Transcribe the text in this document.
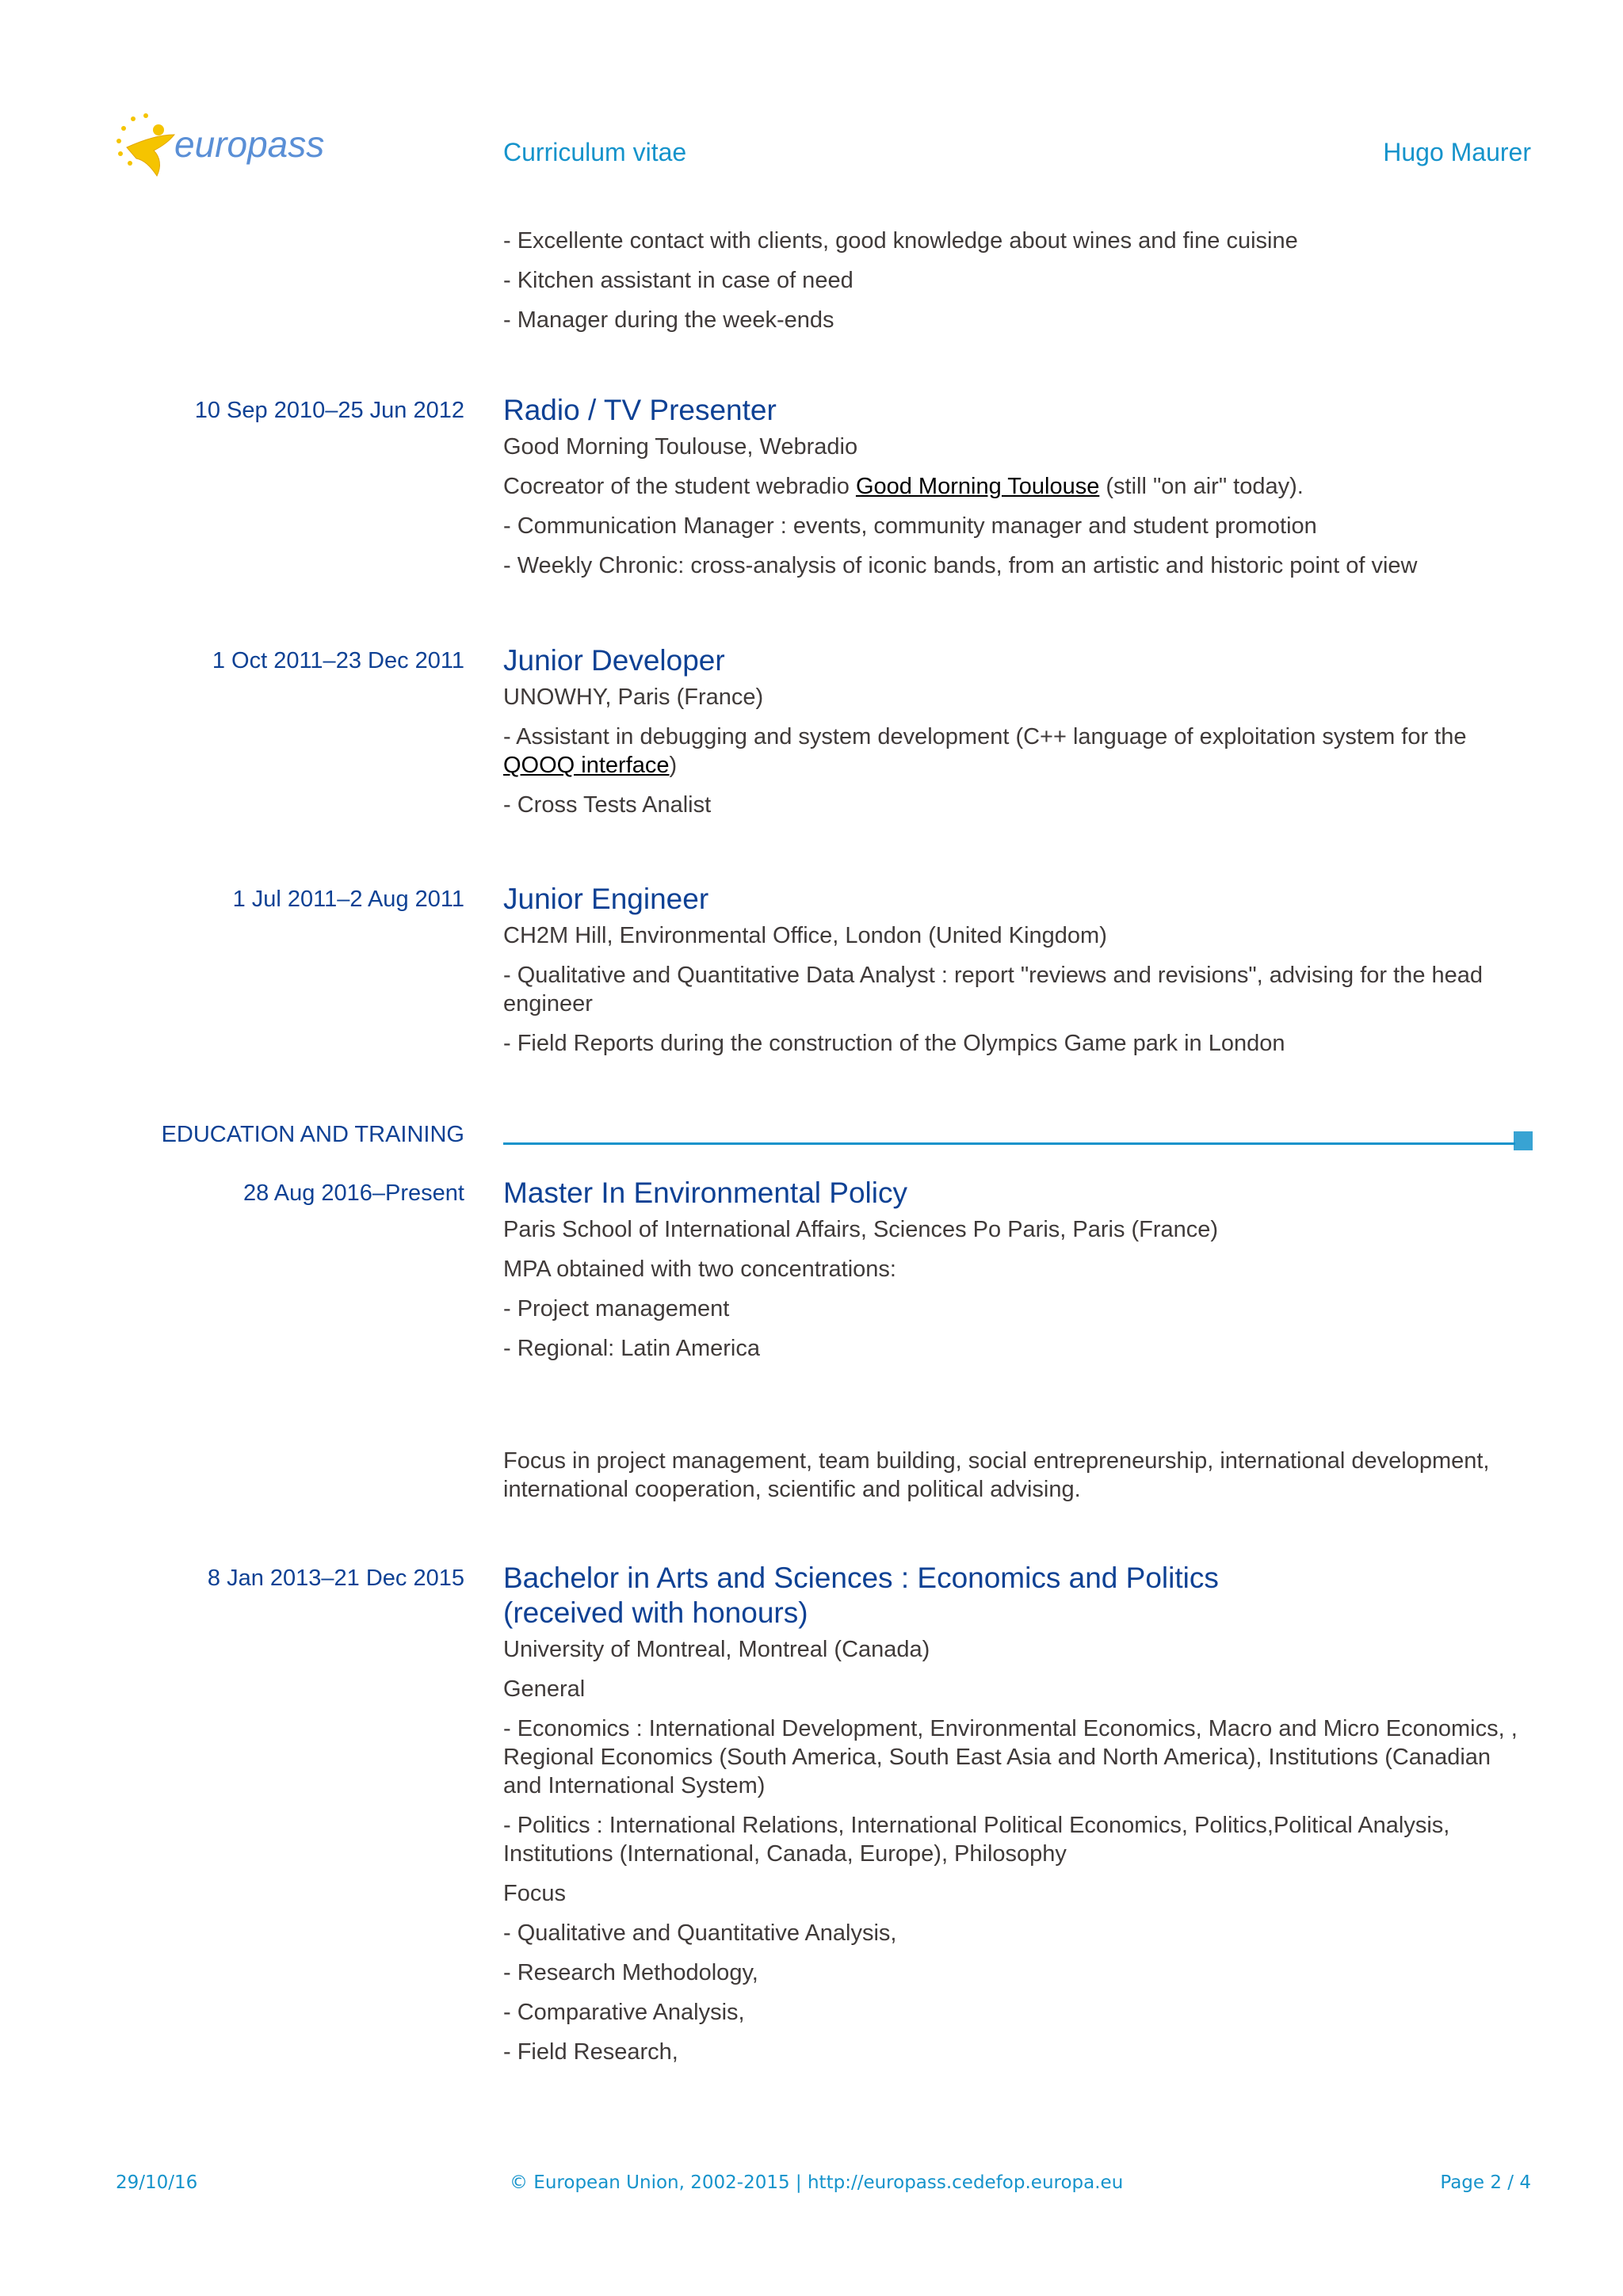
europass	Curriculum vitae	Hugo Maurer

- Excellente contact with clients, good knowledge about wines and fine cuisine

- Kitchen assistant in case of need

- Manager during the week-ends

10 Sep 2010–25 Jun 2012 Radio / TV Presenter

Good Morning Toulouse, Webradio

Cocreator of the student webradio Good Morning Toulouse (still "on air" today).

- Communication Manager : events, community manager and student promotion

- Weekly Chronic: cross-analysis of iconic bands, from an artistic and historic point of view

1 Oct 2011–23 Dec 2011 Junior Developer

UNOWHY, Paris (France)

- Assistant in debugging and system development (C++ language of exploitation system for the QOOQ interface)

- Cross Tests Analist

1 Jul 2011–2 Aug 2011 Junior Engineer

CH2M Hill, Environmental Office, London (United Kingdom)

- Qualitative and Quantitative Data Analyst : report "reviews and revisions", advising for the head engineer

- Field Reports during the construction of the Olympics Game park in London

EDUCATION AND TRAINING
28 Aug 2016–Present Master In Environmental Policy

Paris School of International Affairs, Sciences Po Paris, Paris (France)

MPA obtained with two concentrations:

- Project management

- Regional: Latin America

Focus in project management, team building, social entrepreneurship, international development, international cooperation, scientific and political advising.

8 Jan 2013–21 Dec 2015 Bachelor in Arts and Sciences : Economics and Politics (received with honours)

University of Montreal, Montreal (Canada)

General

- Economics : International Development, Environmental Economics, Macro and Micro Economics, , Regional Economics (South America, South East Asia and North America), Institutions (Canadian and International System)

- Politics : International Relations, International Political Economics, Politics,Political Analysis, Institutions (International, Canada, Europe), Philosophy

Focus

- Qualitative and Quantitative Analysis,

- Research Methodology,

- Comparative Analysis,

- Field Research,

29/10/16	© European Union, 2002-2015 | http://europass.cedefop.europa.eu	Page 2 / 4
